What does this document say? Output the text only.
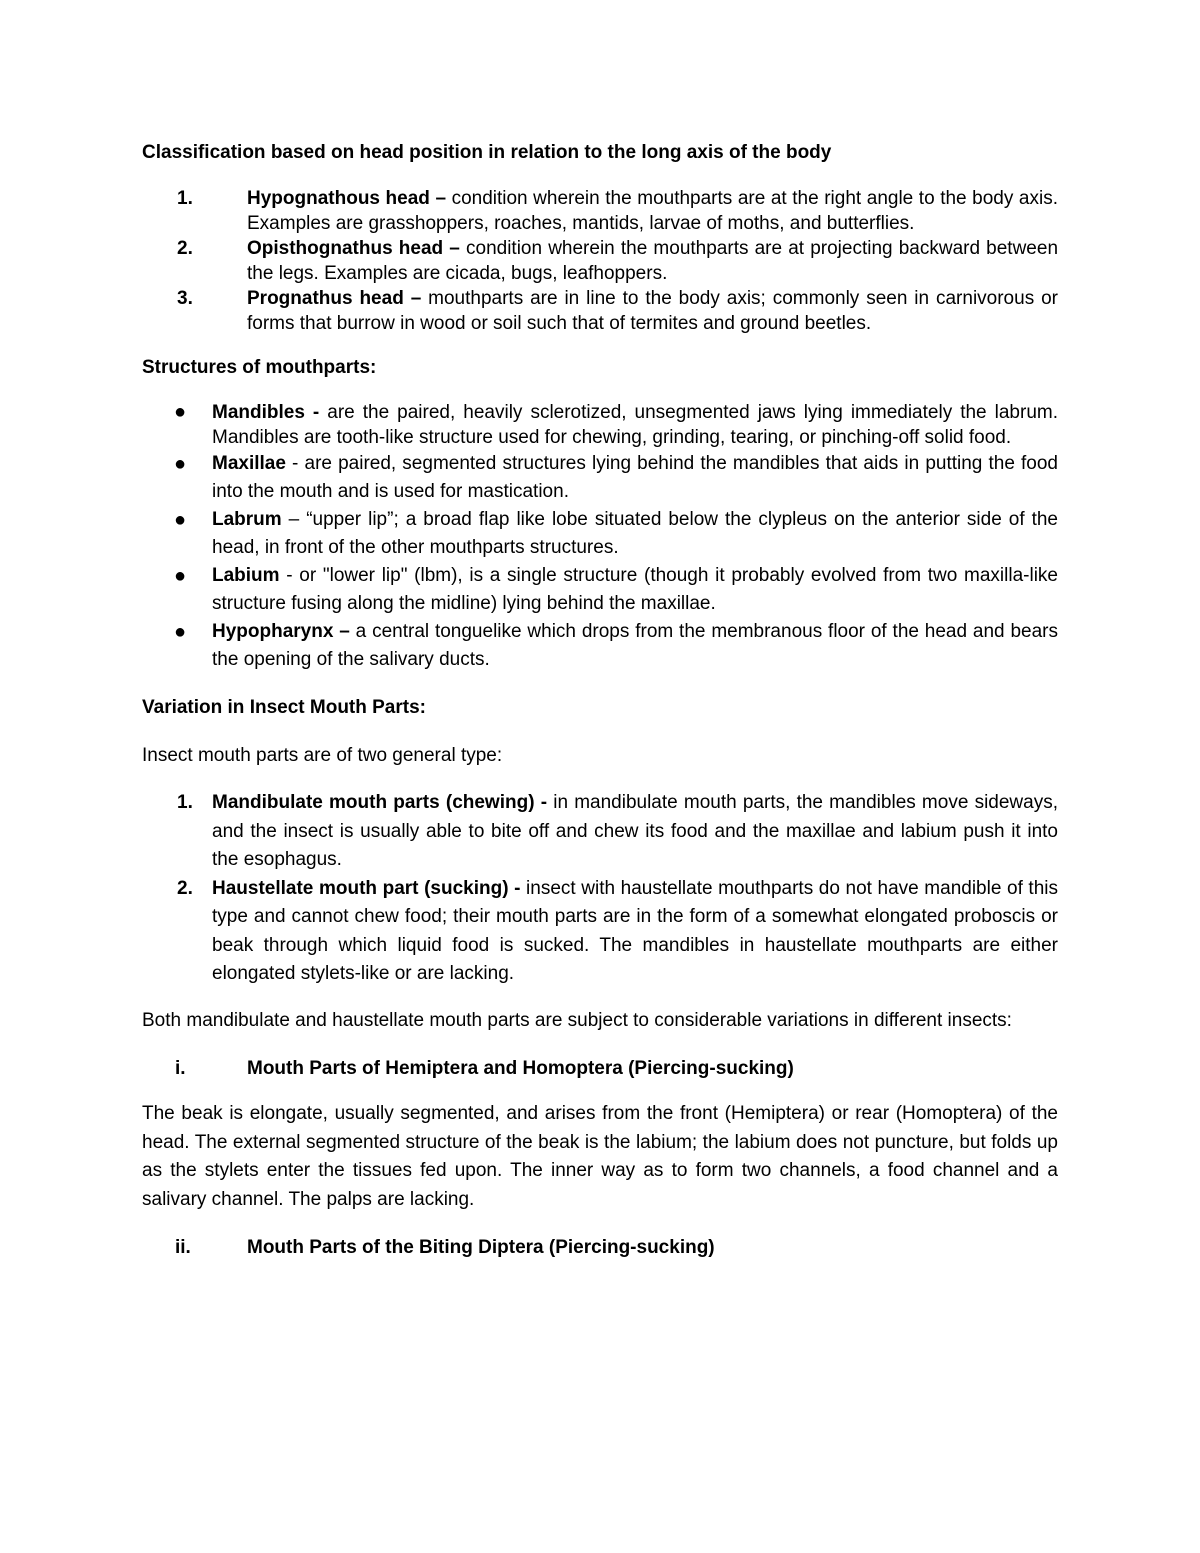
Classification based on head position in relation to the long axis of the body

1.	Hypognathous head – condition wherein the mouthparts are at the right angle to the body axis. Examples are grasshoppers, roaches, mantids, larvae of moths, and butterflies.
2.	Opisthognathus head – condition wherein the mouthparts are at projecting backward between the legs. Examples are cicada, bugs, leafhoppers.
3.	Prognathus head – mouthparts are in line to the body axis; commonly seen in carnivorous or forms that burrow in wood or soil such that of termites and ground beetles.

Structures of mouthparts:

● Mandibles - are the paired, heavily sclerotized, unsegmented jaws lying immediately the labrum. Mandibles are tooth-like structure used for chewing, grinding, tearing, or pinching-off solid food.
● Maxillae - are paired, segmented structures lying behind the mandibles that aids in putting the food into the mouth and is used for mastication.
● Labrum – “upper lip”; a broad flap like lobe situated below the clypleus on the anterior side of the head, in front of the other mouthparts structures.
● Labium - or "lower lip" (lbm), is a single structure (though it probably evolved from two maxilla-like structure fusing along the midline) lying behind the maxillae.
● Hypopharynx – a central tonguelike which drops from the membranous floor of the head and bears the opening of the salivary ducts.

Variation in Insect Mouth Parts:

Insect mouth parts are of two general type:

1. Mandibulate mouth parts (chewing) - in mandibulate mouth parts, the mandibles move sideways, and the insect is usually able to bite off and chew its food and the maxillae and labium push it into the esophagus.
2. Haustellate mouth part (sucking) - insect with haustellate mouthparts do not have mandible of this type and cannot chew food; their mouth parts are in the form of a somewhat elongated proboscis or beak through which liquid food is sucked. The mandibles in haustellate mouthparts are either elongated stylets-like or are lacking.

Both mandibulate and haustellate mouth parts are subject to considerable variations in different insects:

i.	Mouth Parts of Hemiptera and Homoptera (Piercing-sucking)

The beak is elongate, usually segmented, and arises from the front (Hemiptera) or rear (Homoptera) of the head. The external segmented structure of the beak is the labium; the labium does not puncture, but folds up as the stylets enter the tissues fed upon. The inner way as to form two channels, a food channel and a salivary channel. The palps are lacking.

ii.	Mouth Parts of the Biting Diptera (Piercing-sucking)
